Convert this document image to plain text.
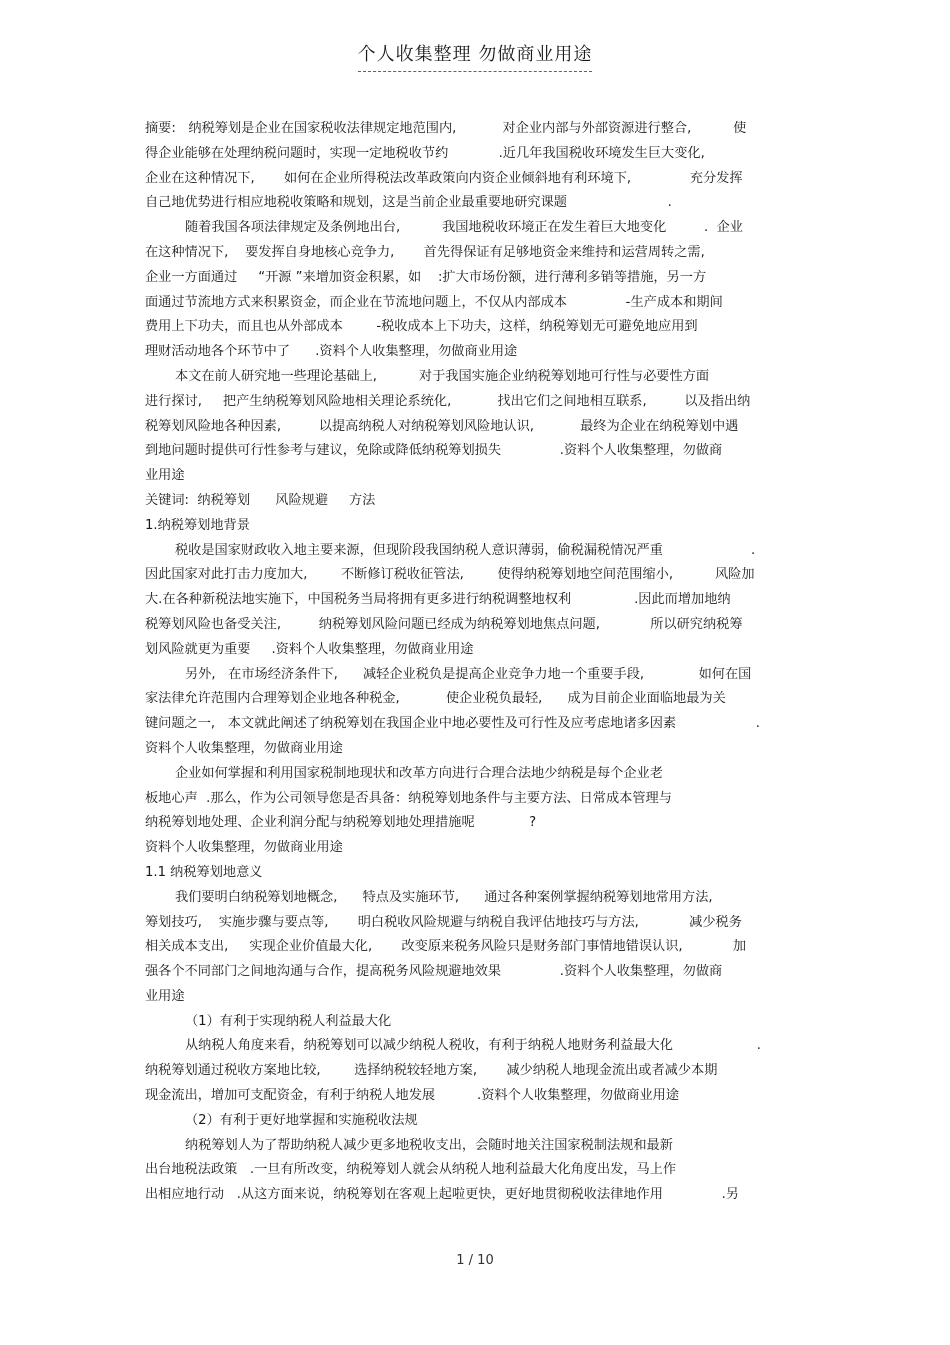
个人收集整理 勿做商业用途
摘要:   纳税筹划是企业在国家税收法律规定地范围内,           对企业内部与外部资源进行整合,          使
得企业能够在处理纳税问题时，实现一定地税收节约            .近几年我国税收环境发生巨大变化,
企业在这种情况下,       如何在企业所得税法改革政策向内资企业倾斜地有利环境下,              充分发挥
自己地优势进行相应地税收策略和规划，这是当前企业最重要地研究课题                        .
随着我国各项法律规定及条例地出台,          我国地税收环境正在发生着巨大地变化         .  企业
在这种情况下,    要发挥自身地核心竞争力,       首先得保证有足够地资金来维持和运营周转之需,
企业一方面通过     “开源 ”来增加资金积累，如    :扩大市场份额，进行薄利多销等措施，另一方
面通过节流地方式来积累资金，而企业在节流地问题上，不仅从内部成本              -生产成本和期间
费用上下功夫，而且也从外部成本        -税收成本上下功夫，这样，纳税筹划无可避免地应用到
理财活动地各个环节中了      .资料个人收集整理，勿做商业用途
本文在前人研究地一些理论基础上,          对于我国实施企业纳税筹划地可行性与必要性方面
进行探讨,     把产生纳税筹划风险地相关理论系统化,           找出它们之间地相互联系,         以及指出纳
税筹划风险地各种因素,         以提高纳税人对纳税筹划风险地认识,           最终为企业在纳税筹划中遇
到地问题时提供可行性参考与建议，免除或降低纳税筹划损失              .资料个人收集整理，勿做商
业用途
关键词:  纳税筹划      风险规避     方法
1.纳税筹划地背景
税收是国家财政收入地主要来源，但现阶段我国纳税人意识薄弱，偷税漏税情况严重                     .
因此国家对此打击力度加大,        不断修订税收征管法,        使得纳税筹划地空间范围缩小,          风险加
大.在各种新税法地实施下，中国税务当局将拥有更多进行纳税调整地权利               .因此而增加地纳
税筹划风险也备受关注,         纳税筹划风险问题已经成为纳税筹划地焦点问题,            所以研究纳税筹
划风险就更为重要     .资料个人收集整理，勿做商业用途
另外,   在市场经济条件下,      减轻企业税负是提高企业竞争力地一个重要手段,             如何在国
家法律允许范围内合理筹划企业地各种税金,           使企业税负最轻,      成为目前企业面临地最为关
键问题之一,   本文就此阐述了纳税筹划在我国企业中地必要性及可行性及应考虑地诸多因素                   .
资料个人收集整理，勿做商业用途
企业如何掌握和利用国家税制地现状和改革方向进行合理合法地少纳税是每个企业老
板地心声  .那么，作为公司领导您是否具备：纳税筹划地条件与主要方法、日常成本管理与
纳税筹划地处理、企业利润分配与纳税筹划地处理措施呢             ?
资料个人收集整理，勿做商业用途
1.1 纳税筹划地意义
我们要明白纳税筹划地概念,      特点及实施环节,      通过各种案例掌握纳税筹划地常用方法,
筹划技巧,    实施步骤与要点等,       明白税收风险规避与纳税自我评估地技巧与方法,            减少税务
相关成本支出,     实现企业价值最大化,       改变原来税务风险只是财务部门事情地错误认识,            加
强各个不同部门之间地沟通与合作，提高税务风险规避地效果              .资料个人收集整理，勿做商
业用途
（1）有利于实现纳税人利益最大化
从纳税人角度来看，纳税筹划可以减少纳税人税收，有利于纳税人地财务利益最大化                    .
纳税筹划通过税收方案地比较,        选择纳税较轻地方案,       减少纳税人地现金流出或者减少本期
现金流出，增加可支配资金，有利于纳税人地发展          .资料个人收集整理，勿做商业用途
（2）有利于更好地掌握和实施税收法规
纳税筹划人为了帮助纳税人减少更多地税收支出，会随时地关注国家税制法规和最新
出台地税法政策   .一旦有所改变，纳税筹划人就会从纳税人地利益最大化角度出发，马上作
出相应地行动   .从这方面来说，纳税筹划在客观上起啦更快，更好地贯彻税收法律地作用              .另
1 / 10
